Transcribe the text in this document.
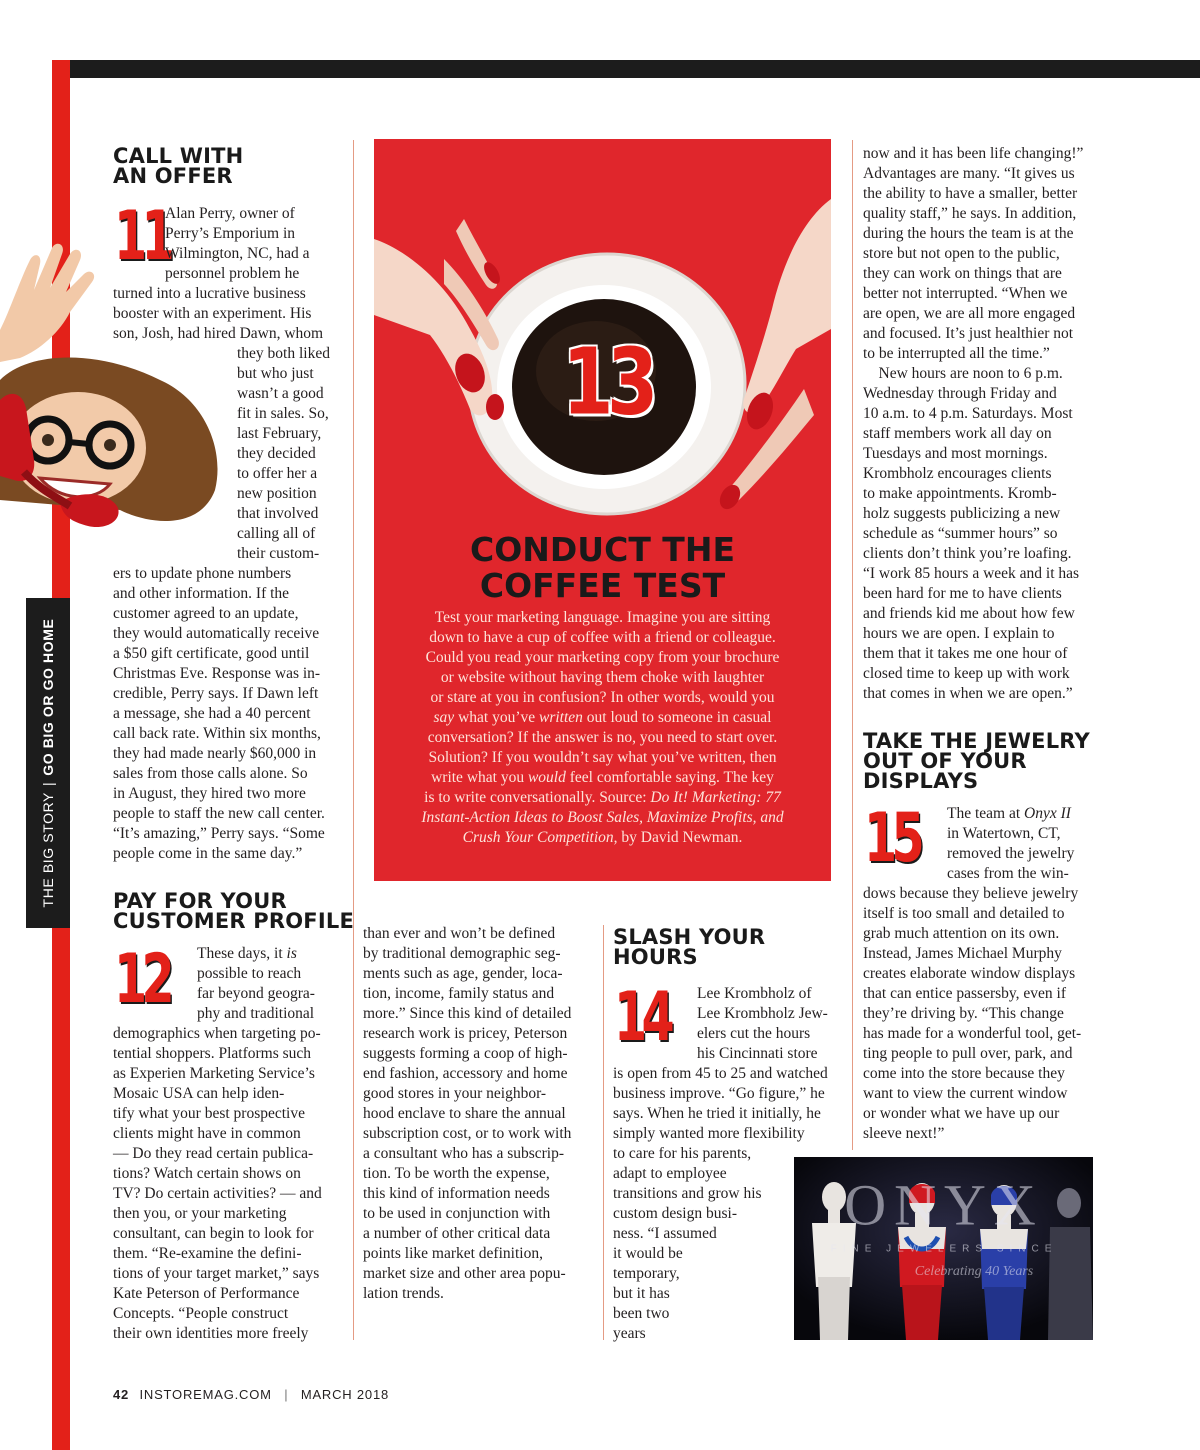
THE BIG STORY|GO BIG OR GO HOME
CALL WITH
AN OFFER
11

Alan Perry, owner of

Perry’s Emporium in

Wilmington, NC, had a

personnel problem he

turned into a lucrative business

booster with an experiment. His

son, Josh, had hired Dawn, whom

they both liked

but who just

wasn’t a good

fit in sales. So,

last February,

they decided

to offer her a

new position

that involved

calling all of

their custom-

ers to update phone numbers

and other information. If the

customer agreed to an update,

they would automatically receive

a $50 gift certificate, good until

Christmas Eve. Response was in-

credible, Perry says. If Dawn left

a message, she had a 40 percent

call back rate. Within six months,

they had made nearly $60,000 in

sales from those calls alone. So

in August, they hired two more

people to staff the new call center.

“It’s amazing,” Perry says. “Some

people come in the same day.”

PAY FOR YOUR
CUSTOMER PROFILE
12	These days, it is

possible to reach

far beyond geogra-

phy and traditional

demographics when targeting po-

tential shoppers. Platforms such

as Experien Marketing Service’s

Mosaic USA can help iden-

tify what your best prospective

clients might have in common

— Do they read certain publica-

tions? Watch certain shows on

TV? Do certain activities? — and

then you, or your marketing

consultant, can begin to look for

them. “Re-examine the defini-

tions of your target market,” says

Kate Peterson of Performance

Concepts. “People construct

their own identities more freely

than ever and won’t be defined

by traditional demographic seg-

ments such as age, gender, loca-

tion, income, family status and

more.” Since this kind of detailed

research work is pricey, Peterson

suggests forming a coop of high-

end fashion, accessory and home

good stores in your neighbor-

hood enclave to share the annual

subscription cost, or to work with

a consultant who has a subscrip-

tion. To be worth the expense,

this kind of information needs

to be used in conjunction with

a number of other critical data

points like market definition,

market size and other area popu-

lation trends.

13
CONDUCT THE
COFFEE TEST

Test your marketing language. Imagine you are sitting

down to have a cup of coffee with a friend or colleague.

Could you read your marketing copy from your brochure

or website without having them choke with laughter

or stare at you in confusion? In other words, would you

say what you’ve written out loud to someone in casual

conversation? If the answer is no, you need to start over.

Solution? If you wouldn’t say what you’ve written, then

write what you would feel comfortable saying. The key

is to write conversationally. Source: Do It! Marketing: 77

Instant-Action Ideas to Boost Sales, Maximize Profits, and

Crush Your Competition, by David Newman.

SLASH YOUR
HOURS
14	Lee Krombholz of

Lee Krombholz Jew-

elers cut the hours

his Cincinnati store

is open from 45 to 25 and watched

business improve. “Go figure,” he

says. When he tried it initially, he

simply wanted more flexibility

to care for his parents,

adapt to employee

transitions and grow his

custom design busi-

ness. “I assumed

it would be

temporary,

but it has

been two

years

now and it has been life changing!”

Advantages are many. “It gives us

the ability to have a smaller, better

quality staff,” he says. In addition,

during the hours the team is at the

store but not open to the public,

they can work on things that are

better not interrupted. “When we

are open, we are all more engaged

and focused. It’s just healthier not

to be interrupted all the time.”

New hours are noon to 6 p.m.

Wednesday through Friday and

10 a.m. to 4 p.m. Saturdays. Most

staff members work all day on

Tuesdays and most mornings.

Krombholz encourages clients

to make appointments. Kromb-

holz suggests publicizing a new

schedule as “summer hours” so

clients don’t think you’re loafing.

“I work 85 hours a week and it has

been hard for me to have clients

and friends kid me about how few

hours we are open. I explain to

them that it takes me one hour of

closed time to keep up with work

that comes in when we are open.”

TAKE THE JEWELRY
OUT OF YOUR
DISPLAYS
15	The team at Onyx II

in Watertown, CT,

removed the jewelry

cases from the win-

dows because they believe jewelry

itself is too small and detailed to

grab much attention on its own.

Instead, James Michael Murphy

creates elaborate window displays

that can entice passersby, even if

they’re driving by. “This change

has made for a wonderful tool, get-

ting people to pull over, park, and

come into the store because they

want to view the current window

or wonder what we have up our

sleeve next!”

ONYX
FINE JEWELERS SINCE
Celebrating 40 Years
42 INSTOREMAG.COM | MARCH 2018
